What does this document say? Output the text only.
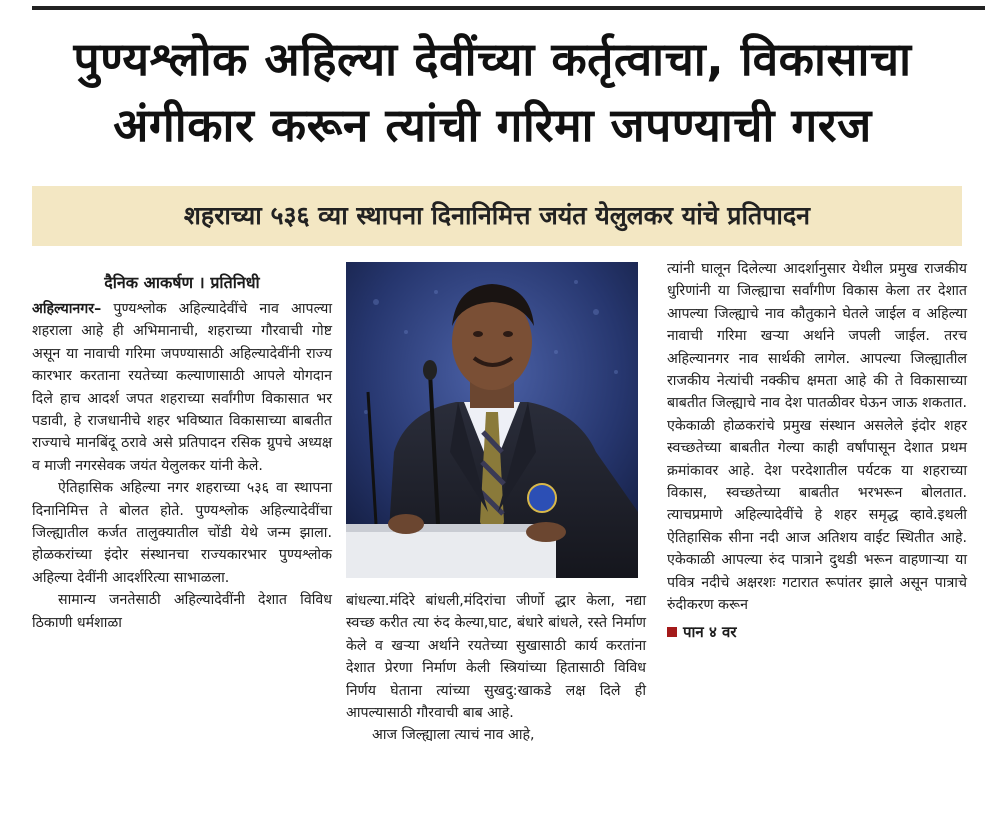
पुण्यश्लोक अहिल्या देवींच्या कर्तृत्वाचा, विकासाचा
अंगीकार करून त्यांची गरिमा जपण्याची गरज
शहराच्या ५३६ व्या स्थापना दिनानिमित्त जयंत येलुलकर यांचे प्रतिपादन
दैनिक आकर्षण । प्रतिनिधी

अहिल्यानगर– पुण्यश्लोक अहिल्यादेवींचे नाव आपल्या शहराला आहे ही अभिमानाची, शहराच्या गौरवाची गोष्ट असून या नावाची गरिमा जपण्यासाठी अहिल्यादेवींनी राज्य कारभार करताना रयतेच्या कल्याणासाठी आपले योगदान दिले हाच आदर्श जपत शहराच्या सर्वांगीण विकासात भर पडावी, हे राजधानीचे शहर भविष्यात विकासाच्या बाबतीत राज्याचे मानबिंदू ठरावे असे प्रतिपादन रसिक ग्रुपचे अध्यक्ष व माजी नगरसेवक जयंत येलुलकर यांनी केले.

ऐतिहासिक अहिल्या नगर शहराच्या ५३६ वा स्थापना दिनानिमित्त ते बोलत होते. पुण्यश्लोक अहिल्यादेवींचा जिल्ह्यातील कर्जत तालुक्यातील चोंडी येथे जन्म झाला. होळकरांच्या इंदोर संस्थानचा राज्यकारभार पुण्यश्लोक अहिल्या देवींनी आदर्शरित्या साभाळला.

सामान्य जनतेसाठी अहिल्यादेवींनी देशात विविध ठिकाणी धर्मशाळा

बांधल्या.मंदिरे बांधली,मंदिरांचा जीर्णो द्धार केला, नद्या स्वच्छ करीत त्या रुंद केल्या,घाट, बंधारे बांधले, रस्ते निर्माण केले व खऱ्या अर्थाने रयतेच्या सुखासाठी कार्य करतांना देशात प्रेरणा निर्माण केली स्त्रियांच्या हितासाठी विविध निर्णय घेताना त्यांच्या सुखदु:खाकडे लक्ष दिले ही आपल्यासाठी गौरवाची बाब आहे.

आज जिल्ह्याला त्याचं नाव आहे,

त्यांनी घालून दिलेल्या आदर्शानुसार येथील प्रमुख राजकीय धुरिणांनी या जिल्ह्याचा सर्वांगीण विकास केला तर देशात आपल्या जिल्ह्याचे नाव कौतुकाने घेतले जाईल व अहिल्या नावाची गरिमा खऱ्या अर्थाने जपली जाईल. तरच अहिल्यानगर नाव सार्थकी लागेल. आपल्या जिल्ह्यातील राजकीय नेत्यांची नक्कीच क्षमता आहे की ते विकासाच्या बाबतीत जिल्ह्याचे नाव देश पातळीवर घेऊन जाऊ शकतात. एकेकाळी होळकरांचे प्रमुख संस्थान असलेले इंदोर शहर स्वच्छतेच्या बाबतीत गेल्या काही वर्षांपासून देशात प्रथम क्रमांकावर आहे. देश परदेशातील पर्यटक या शहराच्या विकास, स्वच्छतेच्या बाबतीत भरभरून बोलतात. त्याचप्रमाणे अहिल्यादेवींचे हे शहर समृद्ध व्हावे.इथली ऐतिहासिक सीना नदी आज अतिशय वाईट स्थितीत आहे. एकेकाळी आपल्या रुंद पात्राने दुथडी भरून वाहणाऱ्या या पवित्र नदीचे अक्षरशः गटारात रूपांतर झाले असून पात्राचे रुंदीकरण करून

पान ४ वर
